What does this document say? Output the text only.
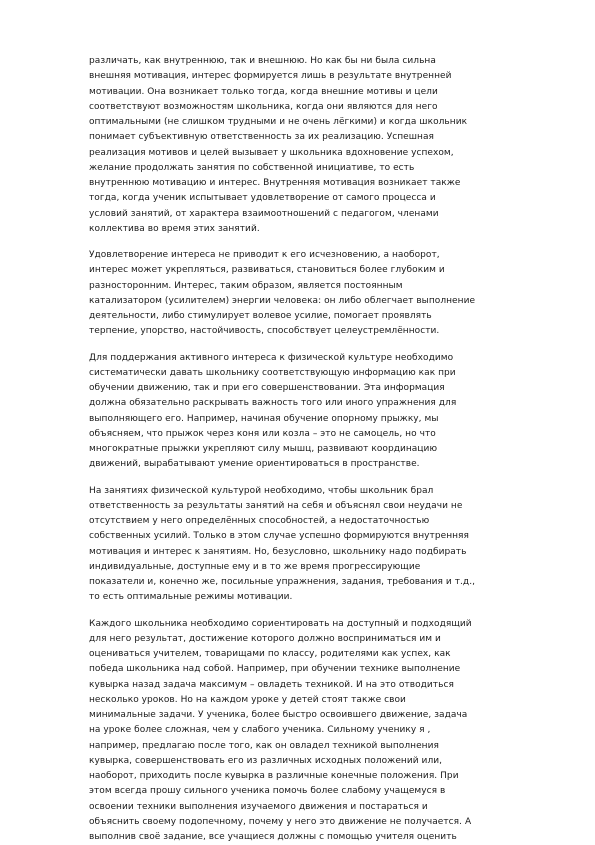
различать, как внутреннюю, так и внешнюю. Но как бы ни была сильна
внешняя мотивация, интерес формируется лишь в результате внутренней
мотивации. Она возникает только тогда, когда внешние мотивы и цели
соответствуют возможностям школьника, когда они являются для него
оптимальными (не слишком трудными и не очень лёгкими) и когда школьник
понимает субъективную ответственность за их реализацию. Успешная
реализация мотивов и целей вызывает у школьника вдохновение успехом,
желание продолжать занятия по собственной инициативе, то есть
внутреннюю мотивацию и интерес. Внутренняя мотивация возникает также
тогда, когда ученик испытывает удовлетворение от самого процесса и
условий занятий, от характера взаимоотношений с педагогом, членами
коллектива во время этих занятий.
Удовлетворение интереса не приводит к его исчезновению, а наоборот,
интерес может укрепляться, развиваться, становиться более глубоким и
разносторонним. Интерес, таким образом, является постоянным
катализатором (усилителем) энергии человека: он либо облегчает выполнение
деятельности, либо стимулирует волевое усилие, помогает проявлять
терпение, упорство, настойчивость, способствует целеустремлённости.
Для поддержания активного интереса к физической культуре необходимо
систематически давать школьнику соответствующую информацию как при
обучении движению, так и при его совершенствовании. Эта информация
должна обязательно раскрывать важность того или иного упражнения для
выполняющего его. Например, начиная обучение опорному прыжку, мы
объясняем, что прыжок через коня или козла – это не самоцель, но что
многократные прыжки укрепляют силу мышц, развивают координацию
движений, вырабатывают умение ориентироваться в пространстве.
На занятиях физической культурой необходимо, чтобы школьник брал
ответственность за результаты занятий на себя и объяснял свои неудачи не
отсутствием у него определённых способностей, а недостаточностью
собственных усилий. Только в этом случае успешно формируются внутренняя
мотивация и интерес к занятиям. Но, безусловно, школьнику надо подбирать
индивидуальные, доступные ему и в то же время прогрессирующие
показатели и, конечно же, посильные упражнения, задания, требования и т.д.,
то есть оптимальные режимы мотивации.
Каждого школьника необходимо сориентировать на доступный и подходящий
для него результат, достижение которого должно восприниматься им и
оцениваться учителем, товарищами по классу, родителями как успех, как
победа школьника над собой. Например, при обучении технике выполнение
кувырка назад задача максимум – овладеть техникой. И на это отводиться
несколько уроков. Но на каждом уроке у детей стоят также свои
минимальные задачи. У ученика, более быстро освоившего движение, задача
на уроке более сложная, чем у слабого ученика. Сильному ученику я ,
например, предлагаю после того, как он овладел техникой выполнения
кувырка, совершенствовать его из различных исходных положений или,
наоборот, приходить после кувырка в различные конечные положения. При
этом всегда прошу сильного ученика помочь более слабому учащемуся в
освоении техники выполнения изучаемого движения и постараться и
объяснить своему подопечному, почему у него это движение не получается. А
выполнив своё задание, все учащиеся должны с помощью учителя оценить
